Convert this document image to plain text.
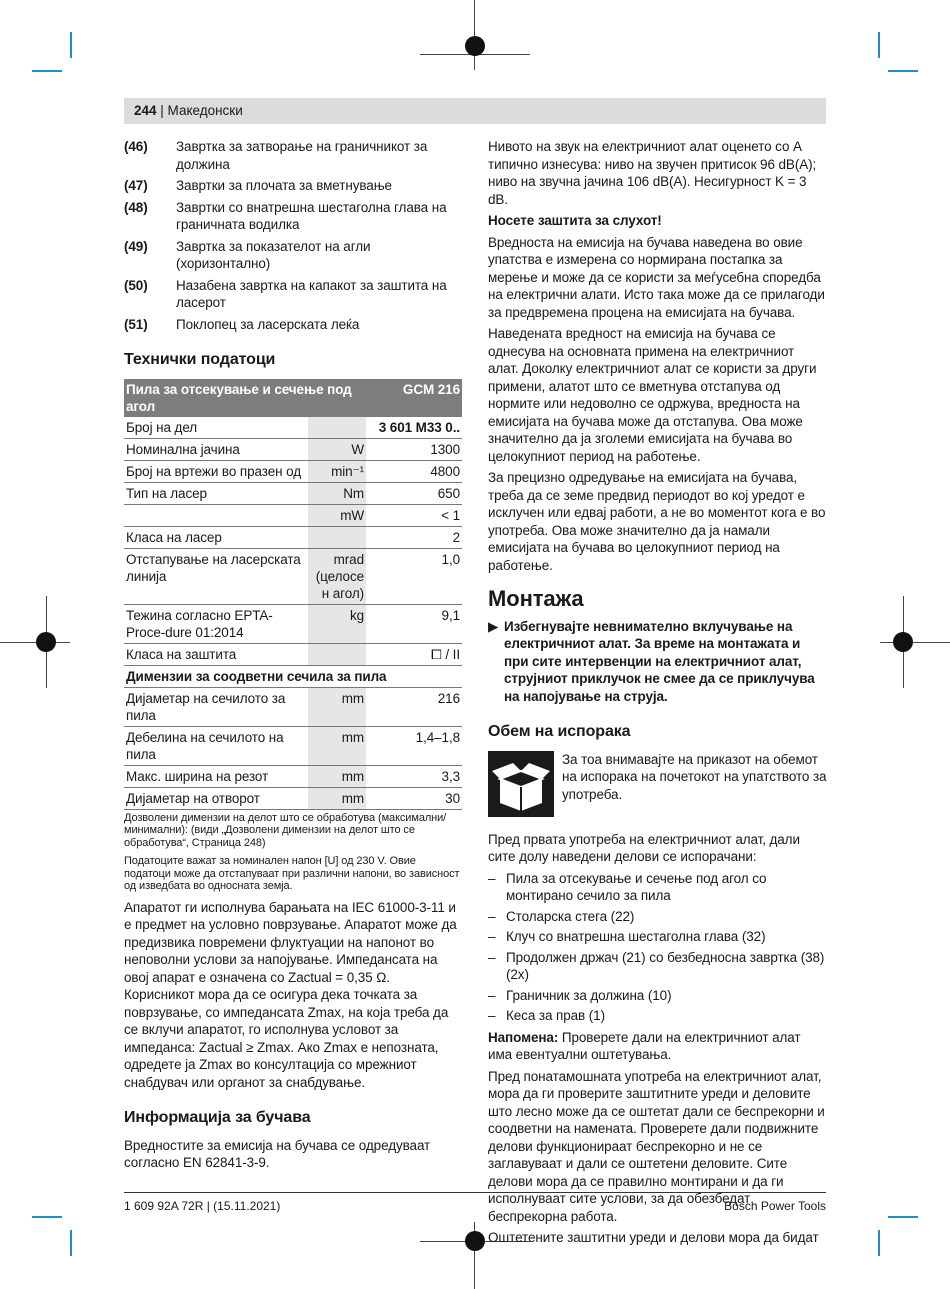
244 | Македонски
(46)	Завртка за затворање на граничникот за должина
(47)	Завртки за плочата за вметнување
(48)	Завртки со внатрешна шестаголна глава на граничната водилка
(49)	Завртка за показателот на агли (хоризонтално)
(50)	Назабена завртка на капакот за заштита на ласерот
(51)	Поклопец за ласерската леќа
Технички податоци
Пила за отсекување и сечење под агол		GCM 216
Број на дел		3 601 M33 0..
Номинална јачина	W	1300
Број на вртежи во празен од	min⁻¹	4800
Тип на ласер	Nm	650
	mW	< 1
Класа на ласер		2
Отстапување на ласерската линија	mrad (целосе н агол)	1,0
Тежина согласно EPTA-Proce-dure 01:2014	kg	9,1
Класа на заштита		⧠ / II
Димензии за соодветни сечила за пила		
Дијаметар на сечилото за пила	mm	216
Дебелина на сечилото на пила	mm	1,4–1,8
Макс. ширина на резот	mm	3,3
Дијаметар на отворот	mm	30

Дозволени димензии на делот што се обработува (максимални/ минимални): (види „Дозволени димензии на делот што се обработува“, Страница 248)

Податоците важат за номинален напон [U] од 230 V. Овие податоци може да отстапуваат при различни напони, во зависност од изведбата во односната земја.

Апаратот ги исполнува барањата на IEC 61000-3-11 и е предмет на условно поврзување. Апаратот може да предизвика повремени флуктуации на напонот во неповолни услови за напојување. Импедансата на овој апарат е означена со Zactual = 0,35 Ω. Корисникот мора да се осигура дека точката за поврзување, со импедансата Zmax, на која треба да се вклучи апаратот, го исполнува условот за импеданса: Zactual ≥ Zmax. Ако Zmax е непозната, одредете ја Zmax во консултација со мрежниот снабдувач или органот за снабдување.

Информација за бучава

Вредностите за емисија на бучава се одредуваат согласно EN 62841-3-9.

Нивото на звук на електричниот алат оценето со A типично изнесува: ниво на звучен притисок 96 dB(A); ниво на звучна јачина 106 dB(A). Несигурност K = 3 dB.

Носете заштита за слухот!

Вредноста на емисија на бучава наведена во овие упатства е измерена со нормирана постапка за мерење и може да се користи за меѓусебна споредба на електрични алати. Исто така може да се прилагоди за предвремена процена на емисијата на бучава.

Наведената вредност на емисија на бучава се однесува на основната примена на електричниот алат. Доколку електричниот алат се користи за други примени, алатот што се вметнува отстапува од нормите или недоволно се одржува, вредноста на емисијата на бучава може да отстапува. Ова може значително да ја зголеми емисијата на бучава во целокупниот период на работење.

За прецизно одредување на емисијата на бучава, треба да се земе предвид периодот во кој уредот е исклучен или едвај работи, а не во моментот кога е во употреба. Ова може значително да ја намали емисијата на бучава во целокупниот период на работење.

Монтажа
▶ Избегнувајте невнимателно вклучување на електричниот алат. За време на монтажата и при сите интервенции на електричниот алат, струјниот приклучок не смее да се приклучува на напојување на струја.
Обем на испорака

За тоа внимавајте на приказот на обемот на испорака на почетокот на упатството за употреба.

Пред првата употреба на електричниот алат, дали сите долу наведени делови се испорачани:

– Пила за отсекување и сечење под агол со монтирано сечило за пила
– Столарска стега (22)
– Клуч со внатрешна шестаголна глава (32)
– Продолжен држач (21) со безбедносна завртка (38) (2x)
– Граничник за должина (10)
– Кеса за прав (1)

Напомена: Проверете дали на електричниот алат има евентуални оштетувања.

Пред понатамошната употреба на електричниот алат, мора да ги проверите заштитните уреди и деловите што лесно може да се оштетат дали се беспрекорни и соодветни на намената. Проверете дали подвижните делови функционираат беспрекорно и не се заглавуваат и дали се оштетени деловите. Сите делови мора да се правилно монтирани и да ги исполнуваат сите услови, за да обезбедат беспрекорна работа.

Оштетените заштитни уреди и делови мора да бидат

1 609 92A 72R | (15.11.2021)	Bosch Power Tools
